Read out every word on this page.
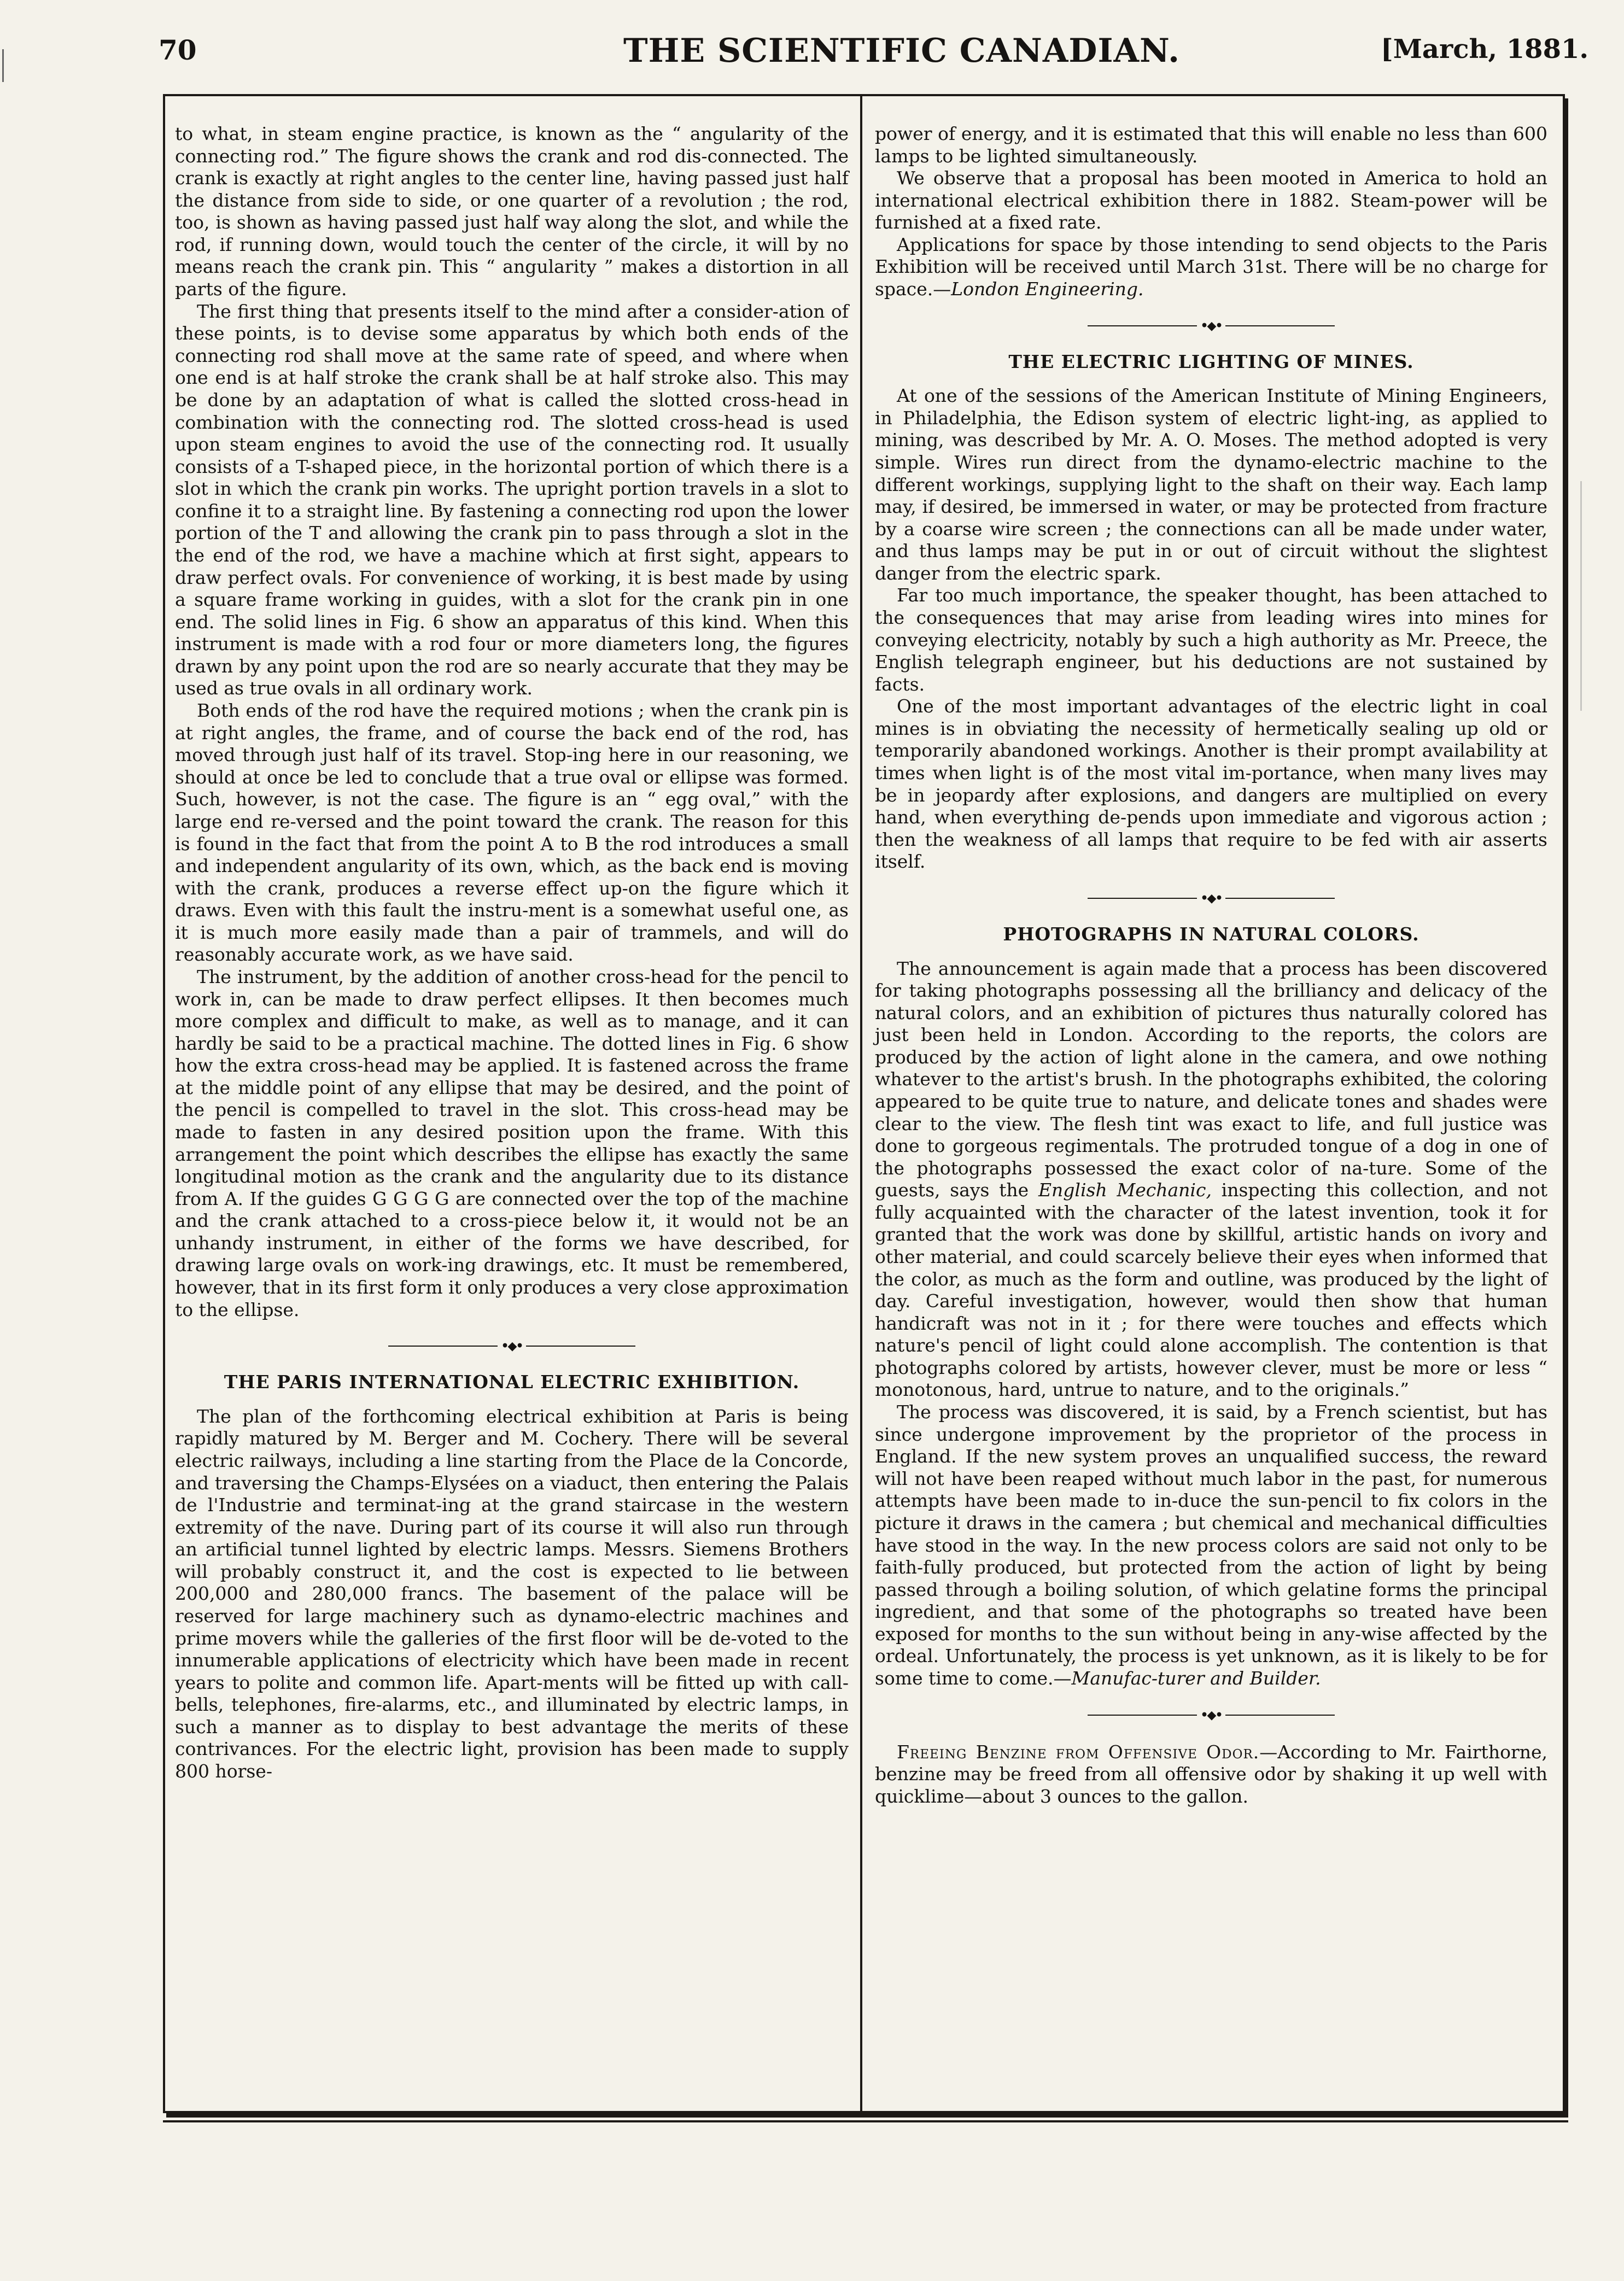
70	THE SCIENTIFIC CANADIAN.	[March, 1881.

to what, in steam engine practice, is known as the “ angularity of the connecting rod.” The figure shows the crank and rod dis-connected. The crank is exactly at right angles to the center line, having passed just half the distance from side to side, or one quarter of a revolution ; the rod, too, is shown as having passed just half way along the slot, and while the rod, if running down, would touch the center of the circle, it will by no means reach the crank pin. This “ angularity ” makes a distortion in all parts of the figure.

The first thing that presents itself to the mind after a consider-ation of these points, is to devise some apparatus by which both ends of the connecting rod shall move at the same rate of speed, and where when one end is at half stroke the crank shall be at half stroke also. This may be done by an adaptation of what is called the slotted cross-head in combination with the connecting rod. The slotted cross-head is used upon steam engines to avoid the use of the connecting rod. It usually consists of a T-shaped piece, in the horizontal portion of which there is a slot in which the crank pin works. The upright portion travels in a slot to confine it to a straight line. By fastening a connecting rod upon the lower portion of the T and allowing the crank pin to pass through a slot in the the end of the rod, we have a machine which at first sight, appears to draw perfect ovals. For convenience of working, it is best made by using a square frame working in guides, with a slot for the crank pin in one end. The solid lines in Fig. 6 show an apparatus of this kind. When this instrument is made with a rod four or more diameters long, the figures drawn by any point upon the rod are so nearly accurate that they may be used as true ovals in all ordinary work.

Both ends of the rod have the required motions ; when the crank pin is at right angles, the frame, and of course the back end of the rod, has moved through just half of its travel. Stop-ing here in our reasoning, we should at once be led to conclude that a true oval or ellipse was formed. Such, however, is not the case. The figure is an “ egg oval,” with the large end re-versed and the point toward the crank. The reason for this is found in the fact that from the point A to B the rod introduces a small and independent angularity of its own, which, as the back end is moving with the crank, produces a reverse effect up-on the figure which it draws. Even with this fault the instru-ment is a somewhat useful one, as it is much more easily made than a pair of trammels, and will do reasonably accurate work, as we have said.

The instrument, by the addition of another cross-head for the pencil to work in, can be made to draw perfect ellipses. It then becomes much more complex and difficult to make, as well as to manage, and it can hardly be said to be a practical machine. The dotted lines in Fig. 6 show how the extra cross-head may be applied. It is fastened across the frame at the middle point of any ellipse that may be desired, and the point of the pencil is compelled to travel in the slot. This cross-head may be made to fasten in any desired position upon the frame. With this arrangement the point which describes the ellipse has exactly the same longitudinal motion as the crank and the angularity due to its distance from A. If the guides G G G G are connected over the top of the machine and the crank attached to a cross-piece below it, it would not be an unhandy instrument, in either of the forms we have described, for drawing large ovals on work-ing drawings, etc. It must be remembered, however, that in its first form it only produces a very close approximation to the ellipse.

•◆•
THE PARIS INTERNATIONAL ELECTRIC EXHIBITION.

The plan of the forthcoming electrical exhibition at Paris is being rapidly matured by M. Berger and M. Cochery. There will be several electric railways, including a line starting from the Place de la Concorde, and traversing the Champs-Elysées on a viaduct, then entering the Palais de l'Industrie and terminat-ing at the grand staircase in the western extremity of the nave. During part of its course it will also run through an artificial tunnel lighted by electric lamps. Messrs. Siemens Brothers will probably construct it, and the cost is expected to lie between 200,000 and 280,000 francs. The basement of the palace will be reserved for large machinery such as dynamo-electric machines and prime movers while the galleries of the first floor will be de-voted to the innumerable applications of electricity which have been made in recent years to polite and common life. Apart-ments will be fitted up with call-bells, telephones, fire-alarms, etc., and illuminated by electric lamps, in such a manner as to display to best advantage the merits of these contrivances. For the electric light, provision has been made to supply 800 horse-

power of energy, and it is estimated that this will enable no less than 600 lamps to be lighted simultaneously.

We observe that a proposal has been mooted in America to hold an international electrical exhibition there in 1882. Steam-power will be furnished at a fixed rate.

Applications for space by those intending to send objects to the Paris Exhibition will be received until March 31st. There will be no charge for space.—London Engineering.

•◆•
THE ELECTRIC LIGHTING OF MINES.

At one of the sessions of the American Institute of Mining Engineers, in Philadelphia, the Edison system of electric light-ing, as applied to mining, was described by Mr. A. O. Moses. The method adopted is very simple. Wires run direct from the dynamo-electric machine to the different workings, supplying light to the shaft on their way. Each lamp may, if desired, be immersed in water, or may be protected from fracture by a coarse wire screen ; the connections can all be made under water, and thus lamps may be put in or out of circuit without the slightest danger from the electric spark.

Far too much importance, the speaker thought, has been attached to the consequences that may arise from leading wires into mines for conveying electricity, notably by such a high authority as Mr. Preece, the English telegraph engineer, but his deductions are not sustained by facts.

One of the most important advantages of the electric light in coal mines is in obviating the necessity of hermetically sealing up old or temporarily abandoned workings. Another is their prompt availability at times when light is of the most vital im-portance, when many lives may be in jeopardy after explosions, and dangers are multiplied on every hand, when everything de-pends upon immediate and vigorous action ; then the weakness of all lamps that require to be fed with air asserts itself.

•◆•
PHOTOGRAPHS IN NATURAL COLORS.

The announcement is again made that a process has been discovered for taking photographs possessing all the brilliancy and delicacy of the natural colors, and an exhibition of pictures thus naturally colored has just been held in London. According to the reports, the colors are produced by the action of light alone in the camera, and owe nothing whatever to the artist's brush. In the photographs exhibited, the coloring appeared to be quite true to nature, and delicate tones and shades were clear to the view. The flesh tint was exact to life, and full justice was done to gorgeous regimentals. The protruded tongue of a dog in one of the photographs possessed the exact color of na-ture. Some of the guests, says the English Mechanic, inspecting this collection, and not fully acquainted with the character of the latest invention, took it for granted that the work was done by skillful, artistic hands on ivory and other material, and could scarcely believe their eyes when informed that the color, as much as the form and outline, was produced by the light of day. Careful investigation, however, would then show that human handicraft was not in it ; for there were touches and effects which nature's pencil of light could alone accomplish. The contention is that photographs colored by artists, however clever, must be more or less “ monotonous, hard, untrue to nature, and to the originals.”

The process was discovered, it is said, by a French scientist, but has since undergone improvement by the proprietor of the process in England. If the new system proves an unqualified success, the reward will not have been reaped without much labor in the past, for numerous attempts have been made to in-duce the sun-pencil to fix colors in the picture it draws in the camera ; but chemical and mechanical difficulties have stood in the way. In the new process colors are said not only to be faith-fully produced, but protected from the action of light by being passed through a boiling solution, of which gelatine forms the principal ingredient, and that some of the photographs so treated have been exposed for months to the sun without being in any-wise affected by the ordeal. Unfortunately, the process is yet unknown, as it is likely to be for some time to come.—Manufac-turer and Builder.

•◆•

Freeing Benzine from Offensive Odor.—According to Mr. Fairthorne, benzine may be freed from all offensive odor by shaking it up well with quicklime—about 3 ounces to the gallon.
